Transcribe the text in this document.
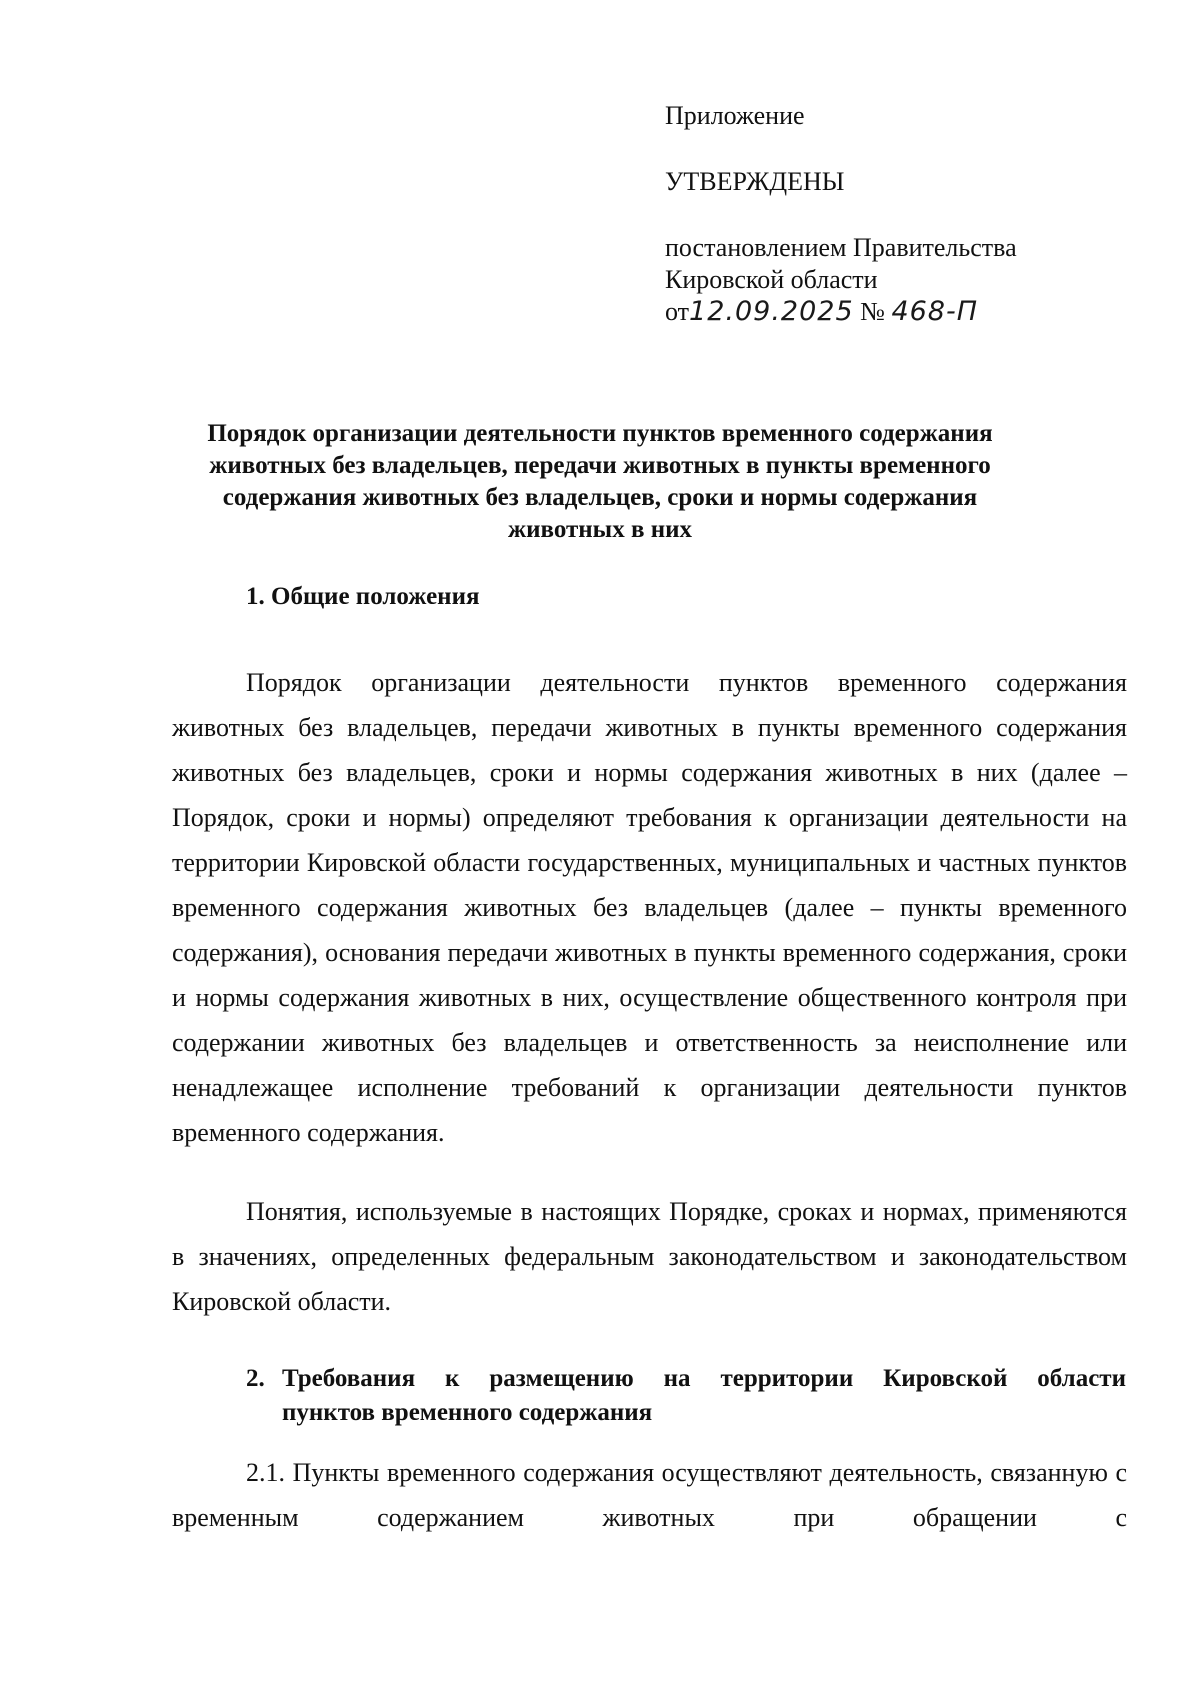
Приложение
УТВЕРЖДЕНЫ
постановлением Правительства
Кировской области
от12.09.2025 № 468-П
Порядок организации деятельности пунктов временного содержания
животных без владельцев, передачи животных в пункты временного
содержания животных без владельцев, сроки и нормы содержания
животных в них
1. Общие положения
Порядок организации деятельности пунктов временного содержания животных без владельцев, передачи животных в пункты временного содержания животных без владельцев, сроки и нормы содержания животных в них (далее – Порядок, сроки и нормы) определяют требования к организации деятельности на территории Кировской области государственных, муниципальных и частных пунктов временного содержания животных без владельцев (далее – пункты временного содержания), основания передачи животных в пункты временного содержания, сроки и нормы содержания животных в них, осуществление общественного контроля при содержании животных без владельцев и ответственность за неисполнение или ненадлежащее исполнение требований к организации деятельности пунктов временного содержания.
Понятия, используемые в настоящих Порядке, сроках и нормах, применяются в значениях, определенных федеральным законодательством и законодательством Кировской области.
2. Требования к размещению на территории Кировской области
пунктов временного содержания
2.1. Пункты временного содержания осуществляют деятельность, связанную с временным содержанием животных при обращении с
